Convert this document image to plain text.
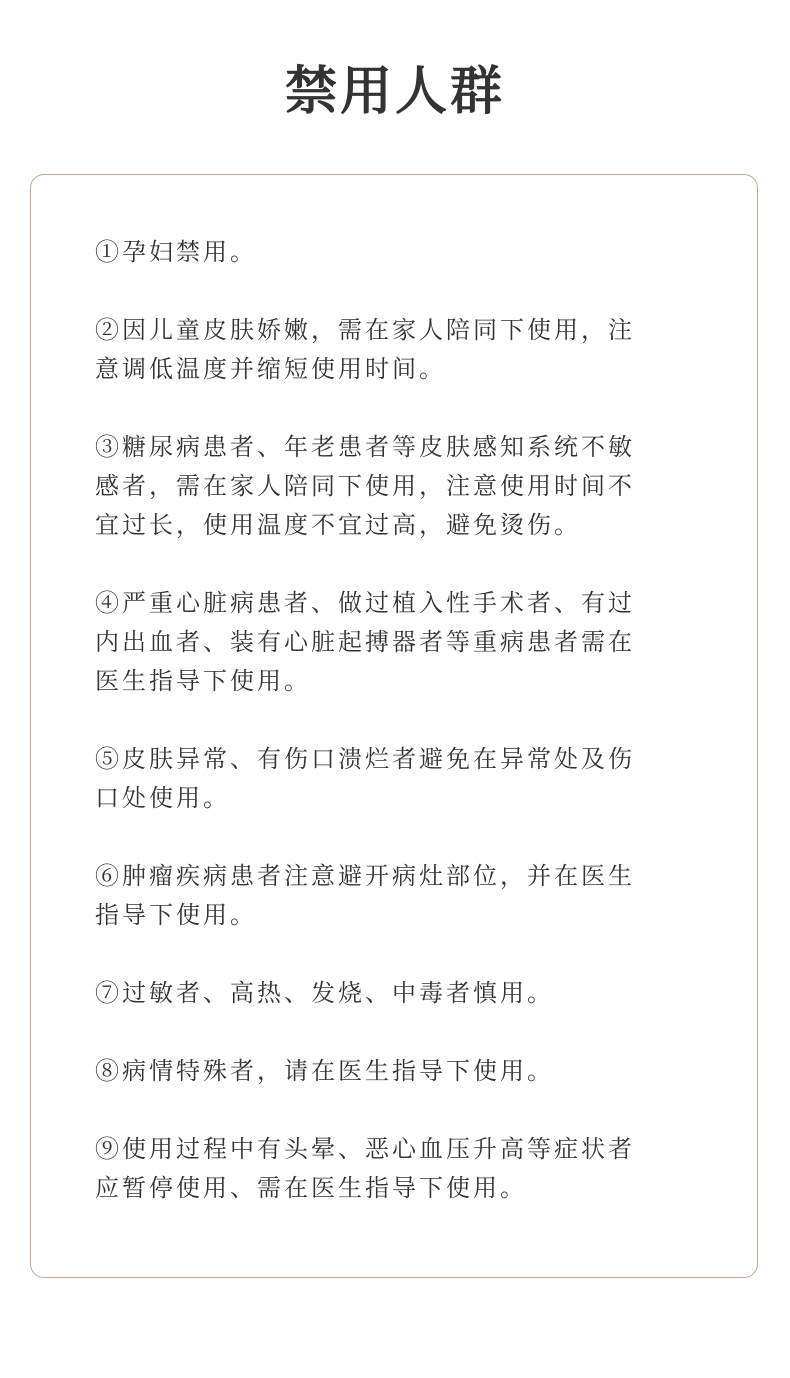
禁用人群
①孕妇禁用。
②因儿童皮肤娇嫩，需在家人陪同下使用，注意调低温度并缩短使用时间。
③糖尿病患者、年老患者等皮肤感知系统不敏感者，需在家人陪同下使用，注意使用时间不宜过长，使用温度不宜过高，避免烫伤。
④严重心脏病患者、做过植入性手术者、有过内出血者、装有心脏起搏器者等重病患者需在医生指导下使用。
⑤皮肤异常、有伤口溃烂者避免在异常处及伤口处使用。
⑥肿瘤疾病患者注意避开病灶部位，并在医生指导下使用。
⑦过敏者、高热、发烧、中毒者慎用。
⑧病情特殊者，请在医生指导下使用。
⑨使用过程中有头晕、恶心血压升高等症状者应暂停使用、需在医生指导下使用。
